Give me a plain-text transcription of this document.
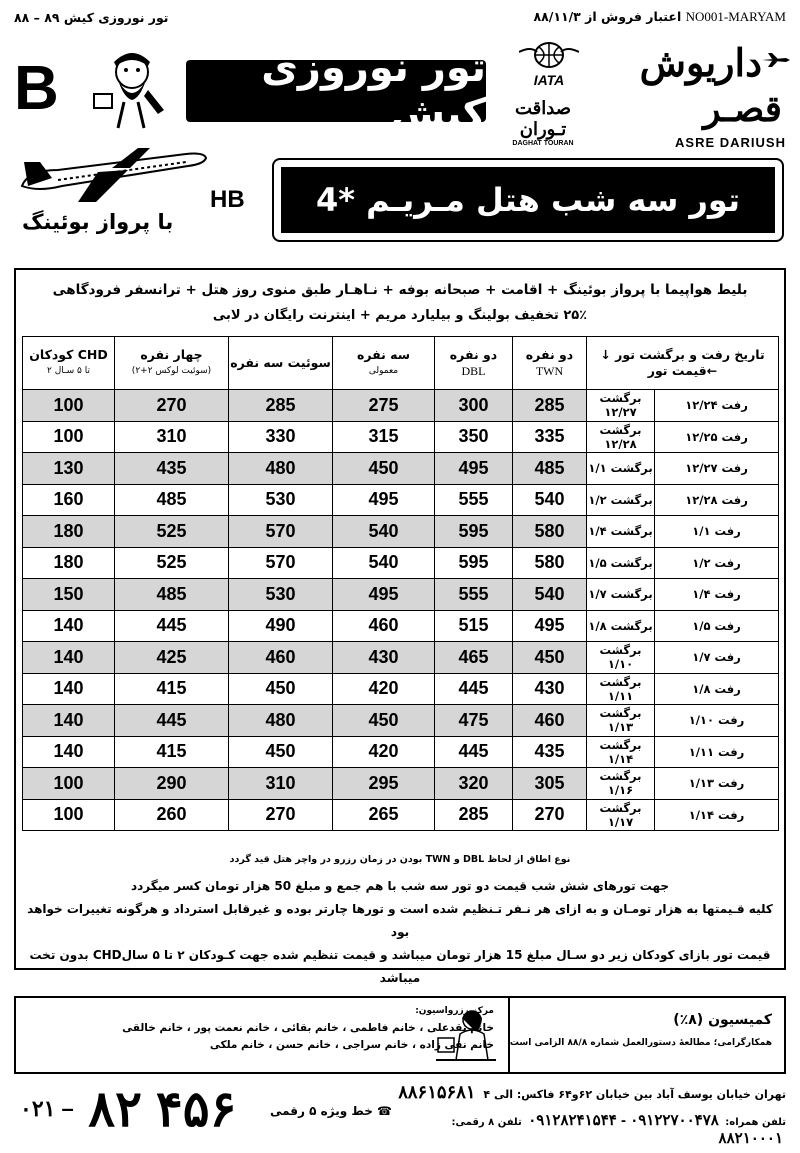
NO001-MARYAM اعتبار فروش از ۸۸/۱۱/۳
تور نوروزی کیش ۸۹ – ۸۸
B	تور نوروزی کیش
IATA
صداقت تـوران
DAGHAT TOURAN
داریوش
قصـر
ASRE DARIUSH
با پرواز بوئینگ
HB	تور سه شب هتل مـریـم *4
بلیط هواپیما با پرواز بوئینگ + اقامت + صبحانه بوفه + نـاهـار طبق منوی روز هتل + ترانسفر فرودگاهی
۲۵٪ تخفیف بولینگ و بیلیارد مریم + اینترنت رایگان در لابی
کودکان CHD
۲ تا ۵ سـال	چهار نفره
(سوئیت لوکس ۲+۲)	سوئیت سه نفره	سه نفره
معمولی	دو نفره
DBL	دو نفره
TWN	تاریخ رفت و برگشت تور ↓ قیمت تور←	
100	270	285	275	300	285	برگشت ۱۲/۲۷	رفت ۱۲/۲۴
100	310	330	315	350	335	برگشت ۱۲/۲۸	رفت ۱۲/۲۵
130	435	480	450	495	485	برگشت ۱/۱	رفت ۱۲/۲۷
160	485	530	495	555	540	برگشت ۱/۲	رفت ۱۲/۲۸
180	525	570	540	595	580	برگشت ۱/۴	رفت ۱/۱
180	525	570	540	595	580	برگشت ۱/۵	رفت ۱/۲
150	485	530	495	555	540	برگشت ۱/۷	رفت ۱/۴
140	445	490	460	515	495	برگشت ۱/۸	رفت ۱/۵
140	425	460	430	465	450	برگشت ۱/۱۰	رفت ۱/۷
140	415	450	420	445	430	برگشت ۱/۱۱	رفت ۱/۸
140	445	480	450	475	460	برگشت ۱/۱۳	رفت ۱/۱۰
140	415	450	420	445	435	برگشت ۱/۱۴	رفت ۱/۱۱
100	290	310	295	320	305	برگشت ۱/۱۶	رفت ۱/۱۳
100	260	270	265	285	270	برگشت ۱/۱۷	رفت ۱/۱۴
نوع اطاق از لحاظ DBL و TWN بودن در زمان رزرو در واچر هتل قید گردد
جهت تورهای شش شب قیمت دو تور سه شب با هم جمع و مبلغ 50 هزار تومان کسر میگردد
کلیه قـیمتها به هزار تومـان و به ازای هر نـفر تـنظیم شده است و تورها چارتر بوده و غیرقابل استرداد و هرگونه تغییرات خواهد بود
قیمت تور بازای کودکان زیر دو سـال مبلغ 15 هزار تومان میباشد و قیمت تنظیم شده جهت کـودکان ۲ تا ۵ سالCHD بدون تخت میباشد
کمیسیون (۸٪)
همکارگرامی؛ مطالعهٔ دستورالعمل شماره ۸۸/۸ الزامی است
مرکز رزرواسیون:
خانم نقدعلی ، خانم فاطمی ، خانم بقائی ، خانم نعمت پور ، خانم خالقی
خانم نقی زاده ، خانم سراجی ، خانم حسن ، خانم ملکی
۰۲۱ – ۸۲ ۴۵۶	☎ خط ویژه ۵ رقمی
تهران خیابان یوسف آباد بین خیابان ۶۲و۶۴ فاکس: الی ۴ ۸۸۶۱۵۶۸۱
تلفن همراه: ۰۹۱۲۲۷۰۰۴۷۸ - ۰۹۱۲۸۲۴۱۵۴۴ تلفن ۸ رقمی: ۸۸۲۱۰۰۰۱
